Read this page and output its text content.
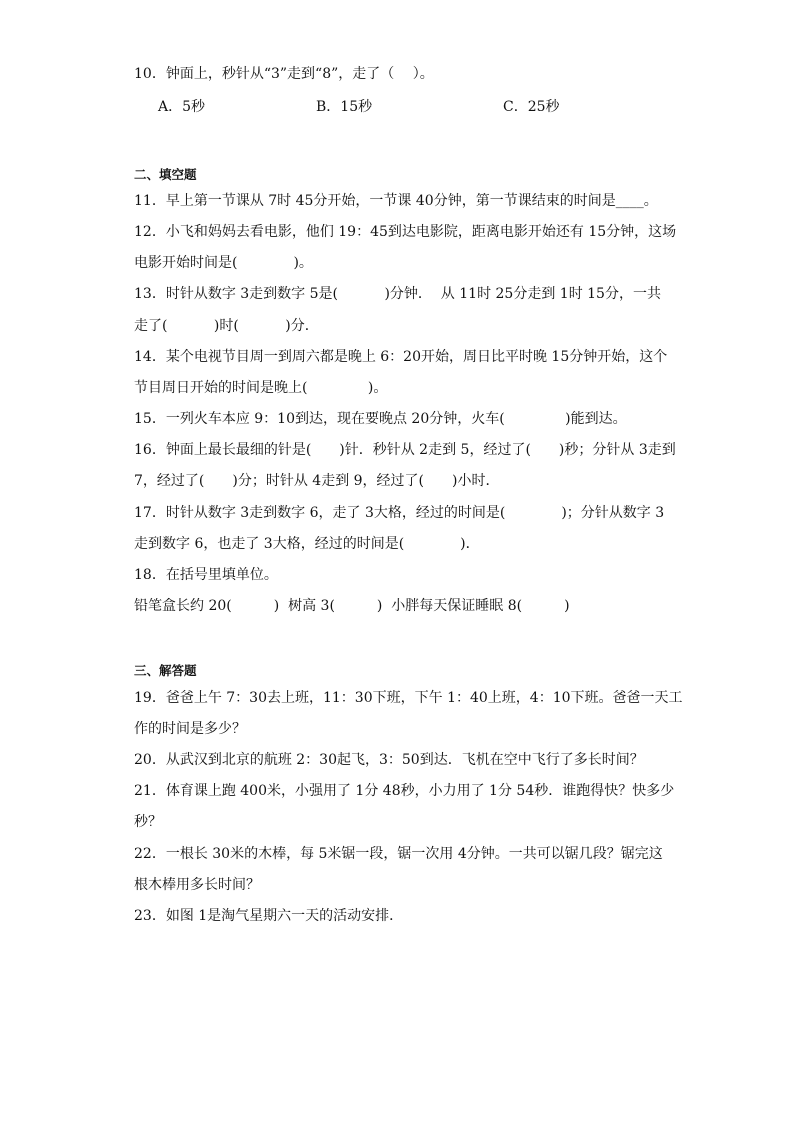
10．钟面上，秒针从“3”走到“8”，走了（　 ）。
A．5秒	B．15秒	C．25秒
二、填空题
11．早上第一节课从 7时 45分开始，一节课 40分钟，第一节课结束的时间是____。
12．小飞和妈妈去看电影，他们 19：45到达电影院，距离电影开始还有 15分钟，这场
电影开始时间是(　　　　)。
13．时针从数字 3走到数字 5是(　　　 )分钟．  从 11时 25分走到 1时 15分，一共
走了(　　　 )时(　　　 )分．
14．某个电视节目周一到周六都是晚上 6：20开始，周日比平时晚 15分钟开始，这个
节目周日开始的时间是晚上(　　　　 )。
15．一列火车本应 9：10到达，现在要晚点 20分钟，火车(　　　　 )能到达。
16．钟面上最长最细的针是(　　)针．秒针从 2走到 5，经过了(　　)秒；分针从 3走到
7，经过了(　　)分；时针从 4走到 9，经过了(　　)小时．
17．时针从数字 3走到数字 6，走了 3大格，经过的时间是(　　　　)；分针从数字 3
走到数字 6，也走了 3大格，经过的时间是(　　　　)．
18．在括号里填单位。
铅笔盒长约 20(　　　)  树高 3(　　　)  小胖每天保证睡眠 8(　　　)
三、解答题
19．爸爸上午 7：30去上班，11：30下班，下午 1：40上班，4：10下班。爸爸一天工
作的时间是多少？
20．从武汉到北京的航班 2：30起飞，3：50到达．飞机在空中飞行了多长时间？
21．体育课上跑 400米，小强用了 1分 48秒，小力用了 1分 54秒．谁跑得快？快多少
秒？
22．一根长 30米的木棒，每 5米锯一段，锯一次用 4分钟。一共可以锯几段？锯完这
根木棒用多长时间？
23．如图 1是淘气星期六一天的活动安排．
